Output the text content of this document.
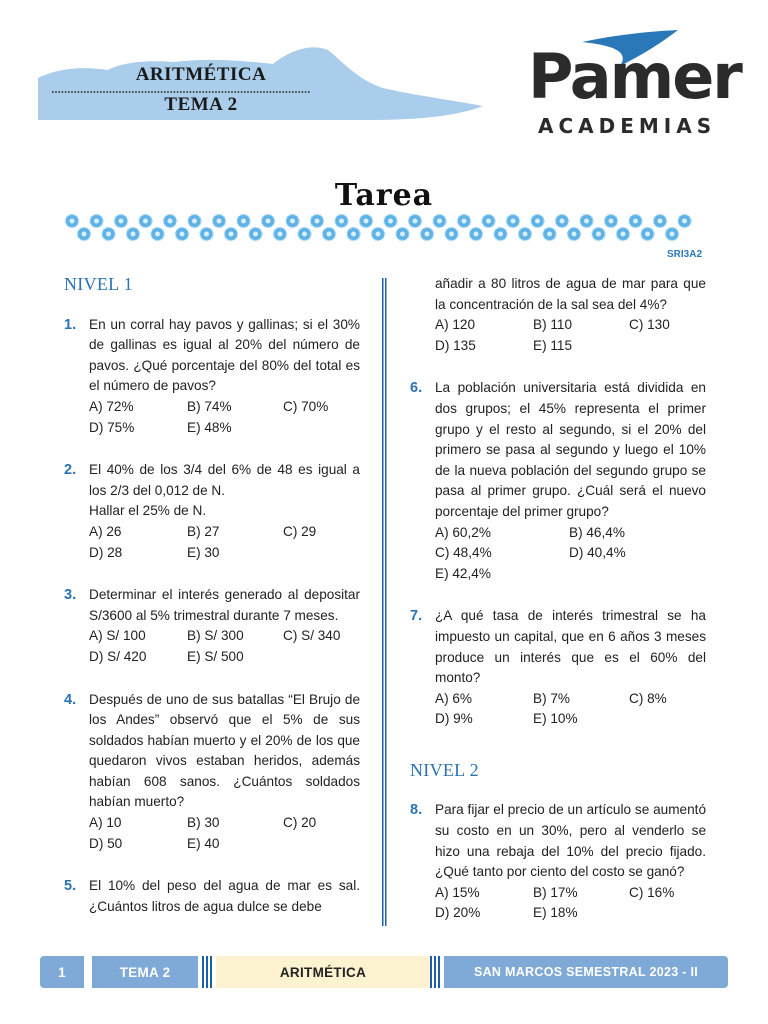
ARITMÉTICA
TEMA 2	Pamer
ACADEMIAS
Tarea
SRI3A2
NIVEL 1
1. En un corral hay pavos y gallinas; si el 30% de gallinas es igual al 20% del número de pavos. ¿Qué porcentaje del 80% del total es el número de pavos?
A) 72%	B) 74%	C) 70%
D) 75%	E) 48%
2. El 40% de los 3/4 del 6% de 48 es igual a los 2/3 del 0,012 de N.
Hallar el 25% de N.
A) 26	B) 27	C) 29
D) 28	E) 30
3. Determinar el interés generado al depositar S/3600 al 5% trimestral durante 7 meses.
A) S/ 100	B) S/ 300	C) S/ 340
D) S/ 420	E) S/ 500
4. Después de uno de sus batallas “El Brujo de los Andes” observó que el 5% de sus soldados habían muerto y el 20% de los que quedaron vivos estaban heridos, además habían 608 sanos. ¿Cuántos soldados habían muerto?
A) 10	B) 30	C) 20
D) 50	E) 40
5. El 10% del peso del agua de mar es sal. ¿Cuántos litros de agua dulce se debe
añadir a 80 litros de agua de mar para que la concentración de la sal sea del 4%?
A) 120	B) 110	C) 130
D) 135	E) 115
6. La población universitaria está dividida en dos grupos; el 45% representa el primer grupo y el resto al segundo, si el 20% del primero se pasa al segundo y luego el 10% de la nueva población del segundo grupo se pasa al primer grupo. ¿Cuál será el nuevo porcentaje del primer grupo?
A) 60,2%	B) 46,4%
C) 48,4%	D) 40,4%
E) 42,4%
7. ¿A qué tasa de interés trimestral se ha impuesto un capital, que en 6 años 3 meses produce un interés que es el 60% del monto?
A) 6%	B) 7%	C) 8%
D) 9%	E) 10%
NIVEL 2
8. Para fijar el precio de un artículo se aumentó su costo en un 30%, pero al venderlo se hizo una rebaja del 10% del precio fijado. ¿Qué tanto por ciento del costo se ganó?
A) 15%	B) 17%	C) 16%
D) 20%	E) 18%
1	TEMA 2	ARITMÉTICA	SAN MARCOS SEMESTRAL 2023 - II
